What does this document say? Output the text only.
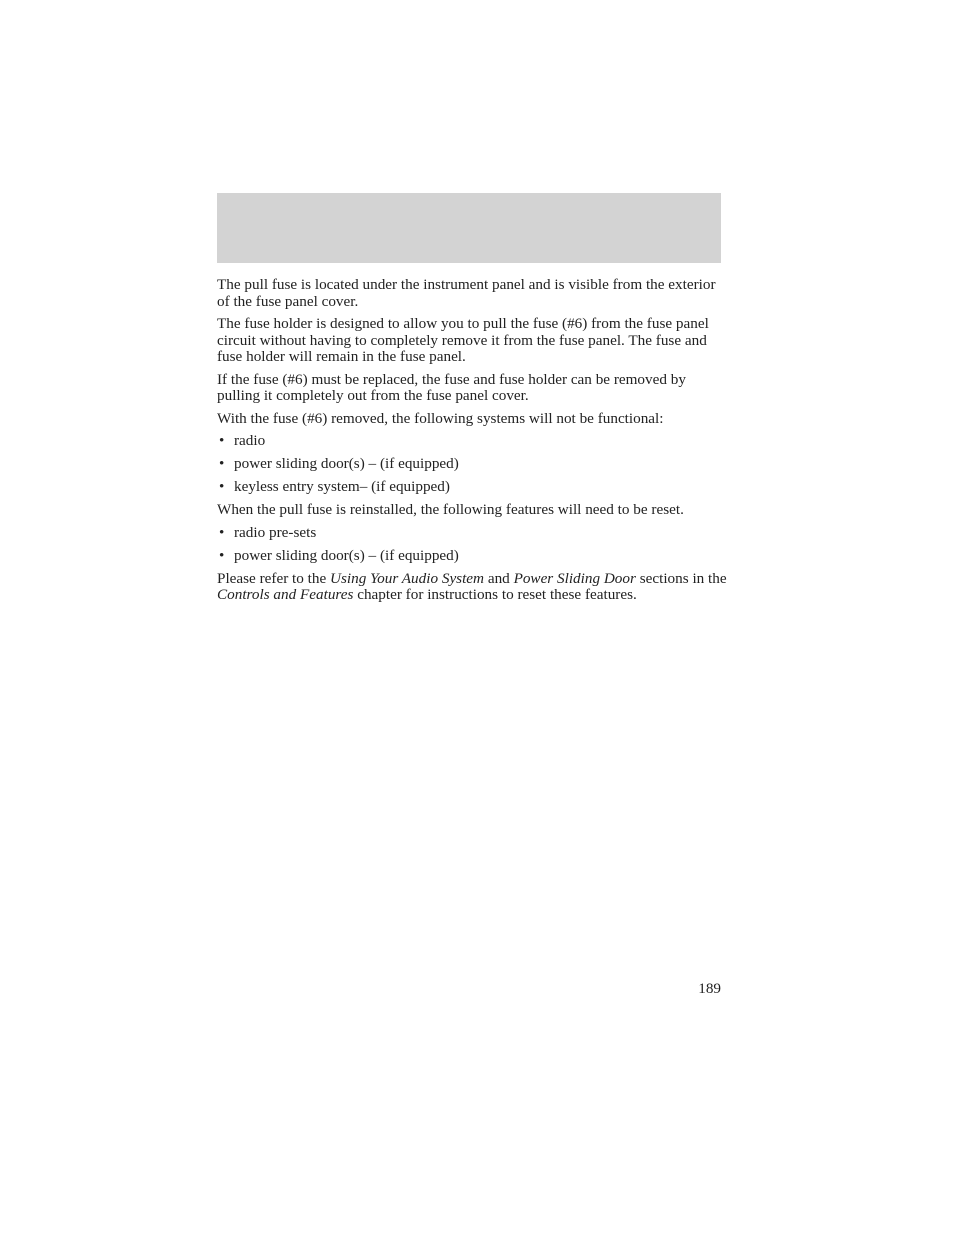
The pull fuse is located under the instrument panel and is visible from the exterior of the fuse panel cover.

The fuse holder is designed to allow you to pull the fuse (#6) from the fuse panel circuit without having to completely remove it from the fuse panel. The fuse and fuse holder will remain in the fuse panel.

If the fuse (#6) must be replaced, the fuse and fuse holder can be removed by pulling it completely out from the fuse panel cover.

With the fuse (#6) removed, the following systems will not be functional:

• radio
• power sliding door(s) – (if equipped)
• keyless entry system– (if equipped)

When the pull fuse is reinstalled, the following features will need to be reset.

• radio pre-sets
• power sliding door(s) – (if equipped)

Please refer to the Using Your Audio System and Power Sliding Door sections in the Controls and Features chapter for instructions to reset these features.

189
